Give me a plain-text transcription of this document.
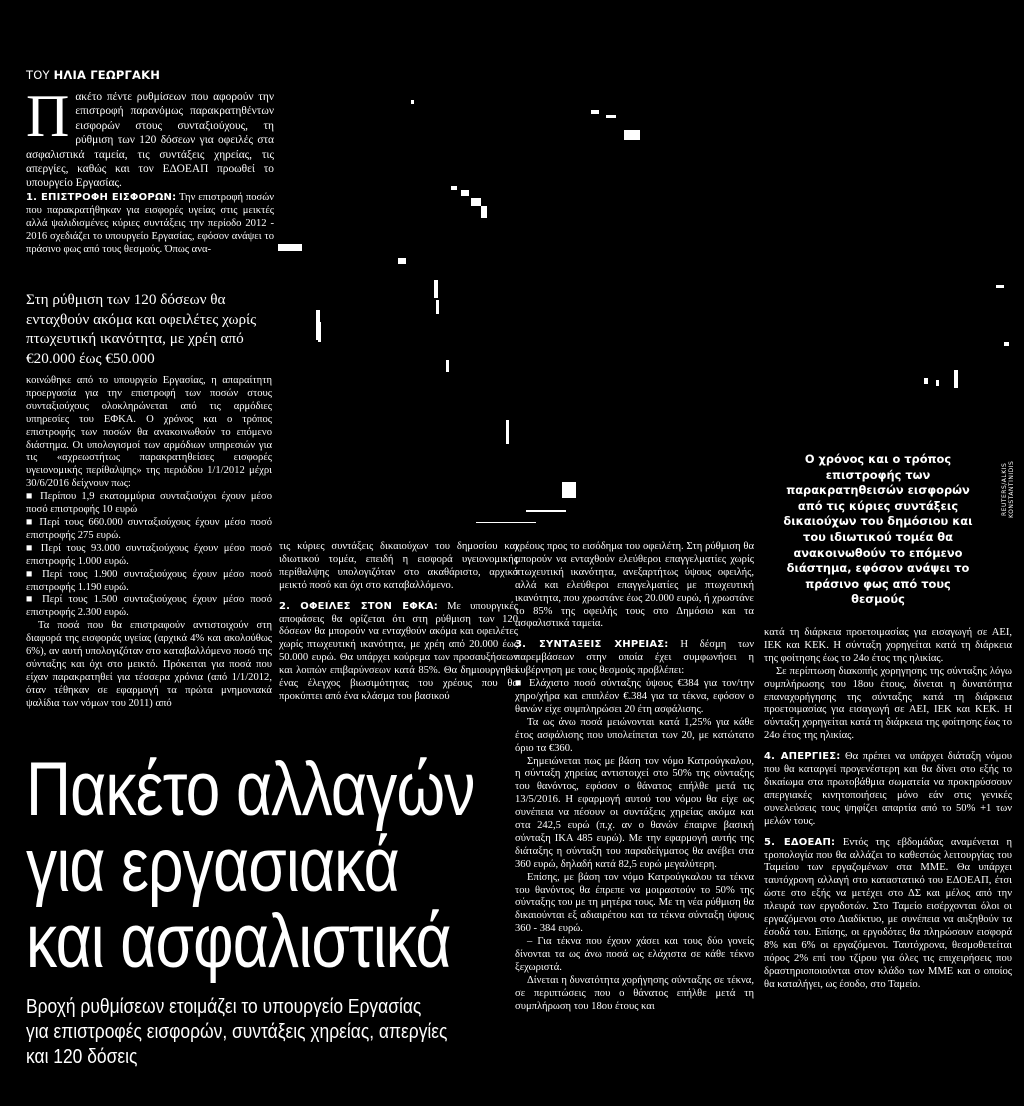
ΤΟΥ ΗΛΙΑ ΓΕΩΡΓΑΚΗ
Π ακέτο πέντε ρυθμίσεων που αφορούν την επιστροφή παρανόμως παρακρατηθέντων εισφορών στους συνταξιούχους, τη ρύθμιση των 120 δόσεων για οφειλές στα ασφαλιστικά ταμεία, τις συντάξεις χηρείας, τις απεργίες, καθώς και τον ΕΔΟΕΑΠ προωθεί το υπουργείο Εργασίας.

1. ΕΠΙΣΤΡΟΦΗ ΕΙΣΦΟΡΩΝ: Την επιστροφή ποσών που παρακρατήθηκαν για εισφορές υγείας στις μεικτές αλλά ψαλιδισμένες κύριες συντάξεις την περίοδο 2012 - 2016 σχεδιάζει το υπουργείο Εργασίας, εφόσον ανάψει το πράσινο φως από τους θεσμούς. Όπως ανα-

Στη ρύθμιση των 120 δόσεων θα ενταχθούν ακόμα και οφειλέτες χωρίς πτωχευτική ικανότητα, με χρέη από €20.000 έως €50.000

κοινώθηκε από το υπουργείο Εργασίας, η απαραίτητη προεργασία για την επιστροφή των ποσών στους συνταξιούχους ολοκληρώνεται από τις αρμόδιες υπηρεσίες του ΕΦΚΑ. Ο χρόνος και ο τρόπος επιστροφής των ποσών θα ανακοινωθούν το επόμενο διάστημα. Οι υπολογισμοί των αρμόδιων υπηρεσιών για τις «αχρεωστήτως παρακρατηθείσες εισφορές υγειονομικής περίθαλψης» της περιόδου 1/1/2012 μέχρι 30/6/2016 δείχνουν πως:

■ Περίπου 1,9 εκατομμύρια συνταξιούχοι έχουν μέσο ποσό επιστροφής 10 ευρώ

■ Περί τους 660.000 συνταξιούχους έχουν μέσο ποσό επιστροφής 275 ευρώ.

■ Περί τους 93.000 συνταξιούχους έχουν μέσο ποσό επιστροφής 1.000 ευρώ.

■ Περί τους 1.900 συνταξιούχους έχουν μέσο ποσό επιστροφής 1.190 ευρώ.

■ Περί τους 1.500 συνταξιούχους έχουν μέσο ποσό επιστροφής 2.300 ευρώ.

Τα ποσά που θα επιστραφούν αντιστοιχούν στη διαφορά της εισφοράς υγείας (αρχικά 4% και ακολούθως 6%), αν αυτή υπολογιζόταν στο καταβαλλόμενο ποσό της σύνταξης και όχι στο μεικτό. Πρόκειται για ποσά που είχαν παρακρατηθεί για τέσσερα χρόνια (από 1/1/2012, όταν τέθηκαν σε εφαρμογή τα πρώτα μνημονιακά ψαλίδια των νόμων του 2011) από

Ο χρόνος και ο τρόπος επιστροφής των παρακρατηθεισών εισφορών από τις κύριες συντάξεις δικαιούχων του δημόσιου και του ιδιωτικού τομέα θα ανακοινωθούν το επόμενο διάστημα, εφόσον ανάψει το πράσινο φως από τους θεσμούς
REUTERS/ALKIS KONSTANTINIDIS

τις κύριες συντάξεις δικαιούχων του δημοσίου και ιδιωτικού τομέα, επειδή η εισφορά υγειονομικής περίθαλψης υπολογιζόταν στο ακαθάριστο, αρχικό μεικτό ποσό και όχι στο καταβαλλόμενο.

2. ΟΦΕΙΛΕΣ ΣΤΟΝ ΕΦΚΑ: Με υπουργικές αποφάσεις θα ορίζεται ότι στη ρύθμιση των 120 δόσεων θα μπορούν να ενταχθούν ακόμα και οφειλέτες χωρίς πτωχευτική ικανότητα, με χρέη από 20.000 έως 50.000 ευρώ. Θα υπάρχει κούρεμα των προσαυξήσεων και λοιπών επιβαρύνσεων κατά 85%. Θα δημιουργηθεί ένας έλεγχος βιωσιμότητας του χρέους που θα προκύπτει από ένα κλάσμα του βασικού

χρέους προς το εισόδημα του οφειλέτη. Στη ρύθμιση θα μπορούν να ενταχθούν ελεύθεροι επαγγελματίες χωρίς πτωχευτική ικανότητα, ανεξαρτήτως ύψους οφειλής, αλλά και ελεύθεροι επαγγελματίες με πτωχευτική ικανότητα, που χρωστάνε έως 20.000 ευρώ, ή χρωστάνε το 85% της οφειλής τους στο Δημόσιο και τα ασφαλιστικά ταμεία.

3. ΣΥΝΤΑΞΕΙΣ ΧΗΡΕΙΑΣ: Η δέσμη των παρεμβάσεων στην οποία έχει συμφωνήσει η κυβέρνηση με τους θεσμούς προβλέπει:

■ Ελάχιστο ποσό σύνταξης ύψους €384 για τον/την χηρο/χήρα και επιπλέον €.384 για τα τέκνα, εφόσον ο θανών είχε συμπληρώσει 20 έτη ασφάλισης.

Τα ως άνω ποσά μειώνονται κατά 1,25% για κάθε έτος ασφάλισης που υπολείπεται των 20, με κατώτατο όριο τα €360.

Σημειώνεται πως με βάση τον νόμο Κατρούγκαλου, η σύνταξη χηρείας αντιστοιχεί στο 50% της σύνταξης του θανόντος, εφόσον ο θάνατος επήλθε μετά τις 13/5/2016. Η εφαρμογή αυτού του νόμου θα είχε ως συνέπεια να πέσουν οι συντάξεις χηρείας ακόμα και στα 242,5 ευρώ (π.χ. αν ο θανών έπαιρνε βασική σύνταξη ΙΚΑ 485 ευρώ). Με την εφαρμογή αυτής της διάταξης η σύνταξη του παραδείγματος θα ανέβει στα 360 ευρώ, δηλαδή κατά 82,5 ευρώ μεγαλύτερη.

Επίσης, με βάση τον νόμο Κατρούγκαλου τα τέκνα του θανόντος θα έπρεπε να μοιραστούν το 50% της σύνταξης του με τη μητέρα τους. Με τη νέα ρύθμιση θα δικαιούνται εξ αδιαιρέτου και τα τέκνα σύνταξη ύψους 360 - 384 ευρώ.

– Για τέκνα που έχουν χάσει και τους δύο γονείς δίνονται τα ως άνω ποσά ως ελάχιστα σε κάθε τέκνο ξεχωριστά.

Δίνεται η δυνατότητα χορήγησης σύνταξης σε τέκνα, σε περιπτώσεις που ο θάνατος επήλθε μετά τη συμπλήρωση του 18ου έτους και

κατά τη διάρκεια προετοιμασίας για εισαγωγή σε ΑΕΙ, ΙΕΚ και ΚΕΚ. Η σύνταξη χορηγείται κατά τη διάρκεια της φοίτησης έως το 24ο έτος της ηλικίας.

Σε περίπτωση διακοπής χορηγησης της σύνταξης λόγω συμπλήρωσης του 18ου έτους, δίνεται η δυνατότητα επαναχορήγησης της σύνταξης κατά τη διάρκεια προετοιμασίας για εισαγωγή σε ΑΕΙ, ΙΕΚ και ΚΕΚ. Η σύνταξη χορηγείται κατά τη διάρκεια της φοίτησης έως το 24ο έτος της ηλικίας.

4. ΑΠΕΡΓΙΕΣ: Θα πρέπει να υπάρχει διάταξη νόμου που θα καταργεί προγενέστερη και θα δίνει στο εξής το δικαίωμα στα πρωτοβάθμια σωματεία να προκηρύσσουν απεργιακές κινητοποιήσεις μόνο εάν στις γενικές συνελεύσεις τους ψηφίζει απαρτία από το 50% +1 των μελών τους.

5. ΕΔΟΕΑΠ: Εντός της εβδομάδας αναμένεται η τροπολογία που θα αλλάζει το καθεστώς λειτουργίας του Ταμείου των εργαζομένων στα ΜΜΕ. Θα υπάρχει ταυτόχρονη αλλαγή στο καταστατικό του ΕΔΟΕΑΠ, έτσι ώστε στο εξής να μετέχει στο ΔΣ και μέλος από την πλευρά των εργοδοτών. Στο Ταμείο εισέρχονται όλοι οι εργαζόμενοι στο Διαδίκτυο, με συνέπεια να αυξηθούν τα έσοδά του. Επίσης, οι εργοδότες θα πληρώσουν εισφορά 8% και 6% οι εργαζόμενοι. Ταυτόχρονα, θεσμοθετείται πόρος 2% επί του τζίρου για όλες τις επιχειρήσεις που δραστηριοποιούνται στον κλάδο των ΜΜΕ και ο οποίος θα καταλήγει, ως έσοδο, στο Ταμείο.

Πακέτο αλλαγών
για εργασιακά
και ασφαλιστικά
Βροχή ρυθμίσεων ετοιμάζει το υπουργείο Εργασίας
για επιστροφές εισφορών, συντάξεις χηρείας, απεργίες
και 120 δόσεις
